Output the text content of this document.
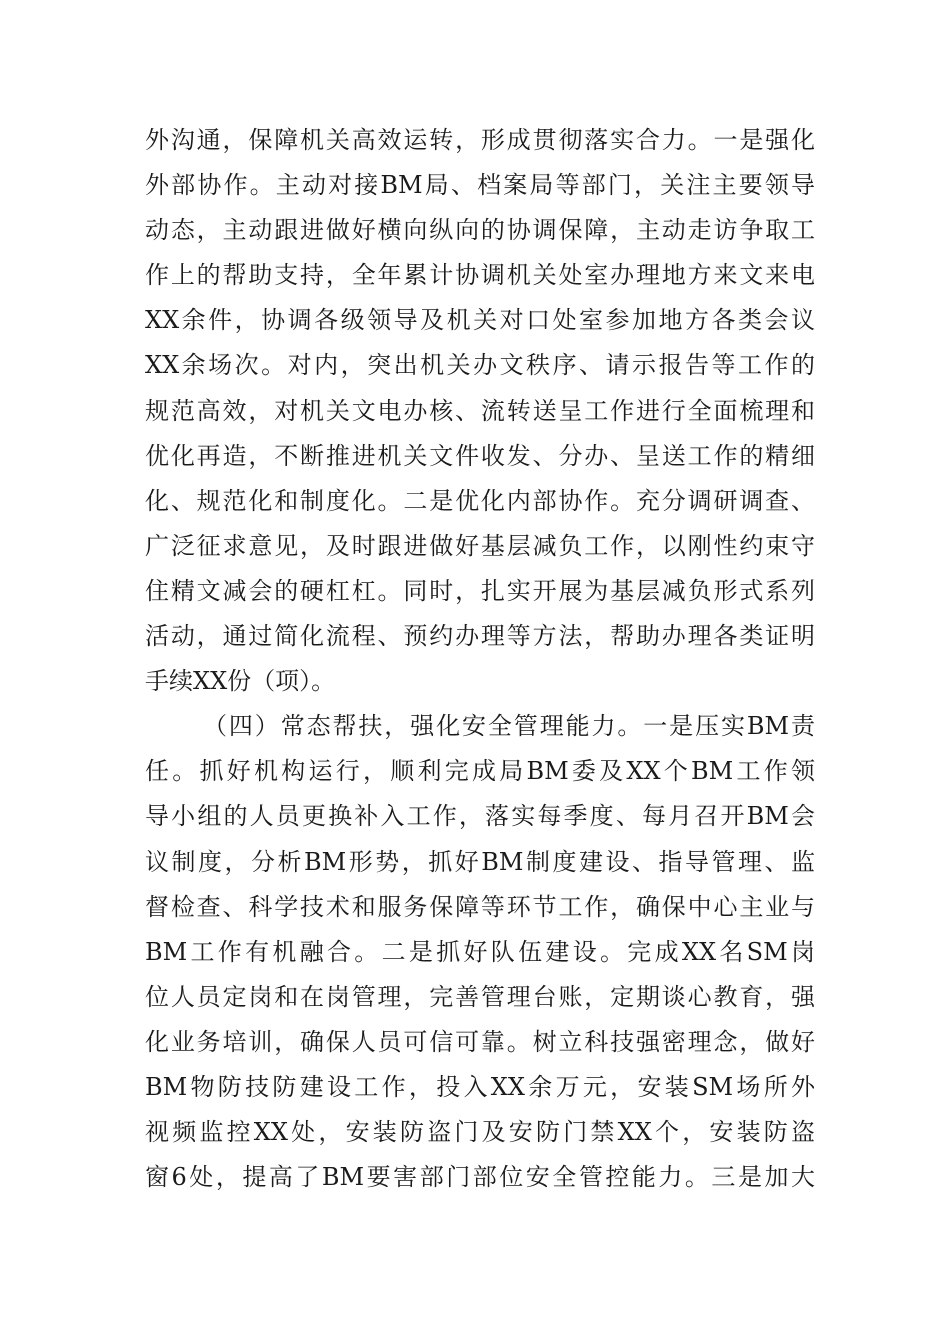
外沟通，保障机关高效运转，形成贯彻落实合力。一是强化
外部协作。主动对接BM局、档案局等部门，关注主要领导
动态，主动跟进做好横向纵向的协调保障，主动走访争取工
作上的帮助支持，全年累计协调机关处室办理地方来文来电
XX余件，协调各级领导及机关对口处室参加地方各类会议
XX余场次。对内，突出机关办文秩序、请示报告等工作的
规范高效，对机关文电办核、流转送呈工作进行全面梳理和
优化再造，不断推进机关文件收发、分办、呈送工作的精细
化、规范化和制度化。二是优化内部协作。充分调研调查、
广泛征求意见，及时跟进做好基层减负工作，以刚性约束守
住精文减会的硬杠杠。同时，扎实开展为基层减负形式系列
活动，通过简化流程、预约办理等方法，帮助办理各类证明
手续XX份（项）。
（四）常态帮扶，强化安全管理能力。一是压实BM责
任。抓好机构运行，顺利完成局BM委及XX个BM工作领
导小组的人员更换补入工作，落实每季度、每月召开BM会
议制度，分析BM形势，抓好BM制度建设、指导管理、监
督检查、科学技术和服务保障等环节工作，确保中心主业与
BM工作有机融合。二是抓好队伍建设。完成XX名SM岗
位人员定岗和在岗管理，完善管理台账，定期谈心教育，强
化业务培训，确保人员可信可靠。树立科技强密理念，做好
BM物防技防建设工作，投入XX余万元，安装SM场所外
视频监控XX处，安装防盗门及安防门禁XX个，安装防盗
窗6处，提高了BM要害部门部位安全管控能力。三是加大
